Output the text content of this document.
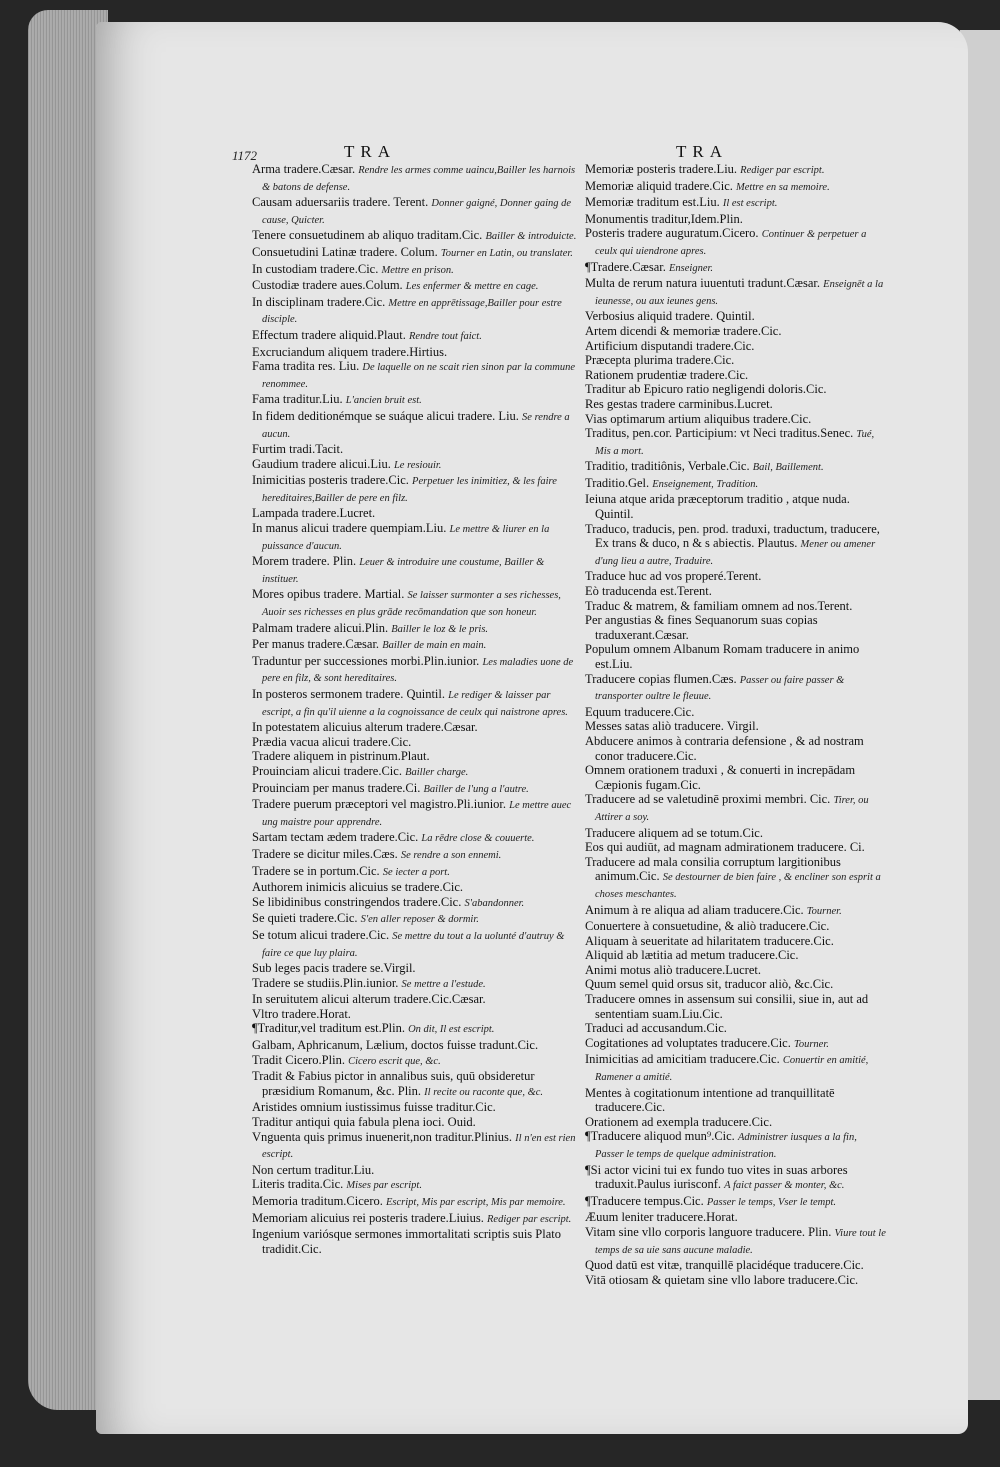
1172	TRA	TRA

Arma tradere.Cæsar. Rendre les armes comme uaincu,Bailler les harnois & batons de defense.

Causam aduersariis tradere. Terent. Donner gaigné, Donner gaing de cause, Quicter.

Tenere consuetudinem ab aliquo traditam.Cic. Bailler & introduicte.

Consuetudini Latinæ tradere. Colum. Tourner en Latin, ou translater.

In custodiam tradere.Cic. Mettre en prison.

Custodiæ tradere aues.Colum. Les enfermer & mettre en cage.

In disciplinam tradere.Cic. Mettre en apprētissage,Bailler pour estre disciple.

Effectum tradere aliquid.Plaut. Rendre tout faict.

Excruciandum aliquem tradere.Hirtius.

Fama tradita res. Liu. De laquelle on ne scait rien sinon par la commune renommee.

Fama traditur.Liu. L'ancien bruit est.

In fidem deditionémque se suáque alicui tradere. Liu. Se rendre a aucun.

Furtim tradi.Tacit.

Gaudium tradere alicui.Liu. Le resiouir.

Inimicitias posteris tradere.Cic. Perpetuer les inimitiez, & les faire hereditaires,Bailler de pere en filz.

Lampada tradere.Lucret.

In manus alicui tradere quempiam.Liu. Le mettre & liurer en la puissance d'aucun.

Morem tradere. Plin. Leuer & introduire une coustume, Bailler & instituer.

Mores opibus tradere. Martial. Se laisser surmonter a ses richesses, Auoir ses richesses en plus grāde recōmandation que son honeur.

Palmam tradere alicui.Plin. Bailler le loz & le pris.

Per manus tradere.Cæsar. Bailler de main en main.

Traduntur per successiones morbi.Plin.iunior. Les maladies uone de pere en filz, & sont hereditaires.

In posteros sermonem tradere. Quintil. Le rediger & laisser par escript, a fin qu'il uienne a la cognoissance de ceulx qui naistrone apres.

In potestatem alicuius alterum tradere.Cæsar.

Prædia vacua alicui tradere.Cic.

Tradere aliquem in pistrinum.Plaut.

Prouinciam alicui tradere.Cic. Bailler charge.

Prouinciam per manus tradere.Ci. Bailler de l'ung a l'autre.

Tradere puerum præceptori vel magistro.Pli.iunior. Le mettre auec ung maistre pour apprendre.

Sartam tectam ædem tradere.Cic. La rēdre close & couuerte.

Tradere se dicitur miles.Cæs. Se rendre a son ennemi.

Tradere se in portum.Cic. Se iecter a port.

Authorem inimicis alicuius se tradere.Cic.

Se libidinibus constringendos tradere.Cic. S'abandonner.

Se quieti tradere.Cic. S'en aller reposer & dormir.

Se totum alicui tradere.Cic. Se mettre du tout a la uolunté d'autruy & faire ce que luy plaira.

Sub leges pacis tradere se.Virgil.

Tradere se studiis.Plin.iunior. Se mettre a l'estude.

In seruitutem alicui alterum tradere.Cic.Cæsar.

Vltro tradere.Horat.

¶Traditur,vel traditum est.Plin. On dit, Il est escript.

Galbam, Aphricanum, Lælium, doctos fuisse tradunt.Cic.

Tradit Cicero.Plin. Cicero escrit que, &c.

Tradit & Fabius pictor in annalibus suis, quū obsideretur præsidium Romanum, &c. Plin. Il recite ou raconte que, &c.

Aristides omnium iustissimus fuisse traditur.Cic.

Traditur antiqui quia fabula plena ioci. Ouid.

Vnguenta quis primus inuenerit,non traditur.Plinius. Il n'en est rien escript.

Non certum traditur.Liu.

Literis tradita.Cic. Mises par escript.

Memoria traditum.Cicero. Escript, Mis par escript, Mis par memoire.

Memoriam alicuius rei posteris tradere.Liuius. Rediger par escript.

Ingenium variósque sermones immortalitati scriptis suis Plato tradidit.Cic.

Memoriæ posteris tradere.Liu. Rediger par escript.

Memoriæ aliquid tradere.Cic. Mettre en sa memoire.

Memoriæ traditum est.Liu. Il est escript.

Monumentis traditur,Idem.Plin.

Posteris tradere auguratum.Cicero. Continuer & perpetuer a ceulx qui uiendrone apres.

¶Tradere.Cæsar. Enseigner.

Multa de rerum natura iuuentuti tradunt.Cæsar. Enseignēt a la ieunesse, ou aux ieunes gens.

Verbosius aliquid tradere. Quintil.

Artem dicendi & memoriæ tradere.Cic.

Artificium disputandi tradere.Cic.

Præcepta plurima tradere.Cic.

Rationem prudentiæ tradere.Cic.

Traditur ab Epicuro ratio negligendi doloris.Cic.

Res gestas tradere carminibus.Lucret.

Vias optimarum artium aliquibus tradere.Cic.

Traditus, pen.cor. Participium: vt Neci traditus.Senec. Tué, Mis a mort.

Traditio, traditiônis, Verbale.Cic. Bail, Baillement.

Traditio.Gel. Enseignement, Tradition.

Ieiuna atque arida præceptorum traditio , atque nuda. Quintil.

Traduco, traducis, pen. prod. traduxi, traductum, traducere, Ex trans & duco, n & s abiectis. Plautus. Mener ou amener d'ung lieu a autre, Traduire.

Traduce huc ad vos properé.Terent.

Eò traducenda est.Terent.

Traduc & matrem, & familiam omnem ad nos.Terent.

Per angustias & fines Sequanorum suas copias traduxerant.Cæsar.

Populum omnem Albanum Romam traducere in animo est.Liu.

Traducere copias flumen.Cæs. Passer ou faire passer & transporter oultre le fleuue.

Equum traducere.Cic.

Messes satas aliò traducere. Virgil.

Abducere animos à contraria defensione , & ad nostram conor traducere.Cic.

Omnem orationem traduxi , & conuerti in increpādam Cæpionis fugam.Cic.

Traducere ad se valetudinē proximi membri. Cic. Tirer, ou Attirer a soy.

Traducere aliquem ad se totum.Cic.

Eos qui audiūt, ad magnam admirationem traducere. Ci.

Traducere ad mala consilia corruptum largitionibus animum.Cic. Se destourner de bien faire , & encliner son esprit a choses meschantes.

Animum à re aliqua ad aliam traducere.Cic. Tourner.

Conuertere à consuetudine, & aliò traducere.Cic.

Aliquam à seueritate ad hilaritatem traducere.Cic.

Aliquid ab lætitia ad metum traducere.Cic.

Animi motus aliò traducere.Lucret.

Quum semel quid orsus sit, traducor aliò, &c.Cic.

Traducere omnes in assensum sui consilii, siue in, aut ad sententiam suam.Liu.Cic.

Traduci ad accusandum.Cic.

Cogitationes ad voluptates traducere.Cic. Tourner.

Inimicitias ad amicitiam traducere.Cic. Conuertir en amitié, Ramener a amitié.

Mentes à cogitationum intentione ad tranquillitatē traducere.Cic.

Orationem ad exempla traducere.Cic.

¶Traducere aliquod mun⁹.Cic. Administrer iusques a la fin, Passer le temps de quelque administration.

¶Si actor vicini tui ex fundo tuo vites in suas arbores traduxit.Paulus iurisconf. A faict passer & monter, &c.

¶Traducere tempus.Cic. Passer le temps, Vser le tempt.

Æuum leniter traducere.Horat.

Vitam sine vllo corporis languore traducere. Plin. Viure tout le temps de sa uie sans aucune maladie.

Quod datū est vitæ, tranquillē placidéque traducere.Cic.

Vitā otiosam & quietam sine vllo labore traducere.Cic.
